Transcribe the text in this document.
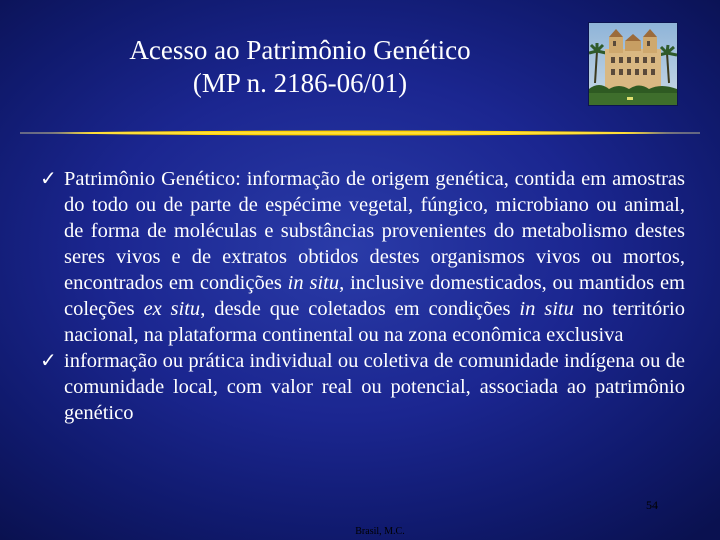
Acesso ao Patrimônio Genético
(MP n. 2186-06/01)
✓ Patrimônio Genético: informação de origem genética, contida em amostras do todo ou de parte de espécime vegetal, fúngico, microbiano ou animal, de forma de moléculas e substâncias provenientes do metabolismo destes seres vivos e de extratos obtidos destes organismos vivos ou mortos, encontrados em condições in situ, inclusive domesticados, ou mantidos em coleções ex situ, desde que coletados em condições in situ no território nacional, na plataforma continental ou na zona econômica exclusiva
✓ informação ou prática individual ou coletiva de comunidade indígena ou de comunidade local, com valor real ou potencial, associada ao patrimônio genético
54
Brasil, M.C.
